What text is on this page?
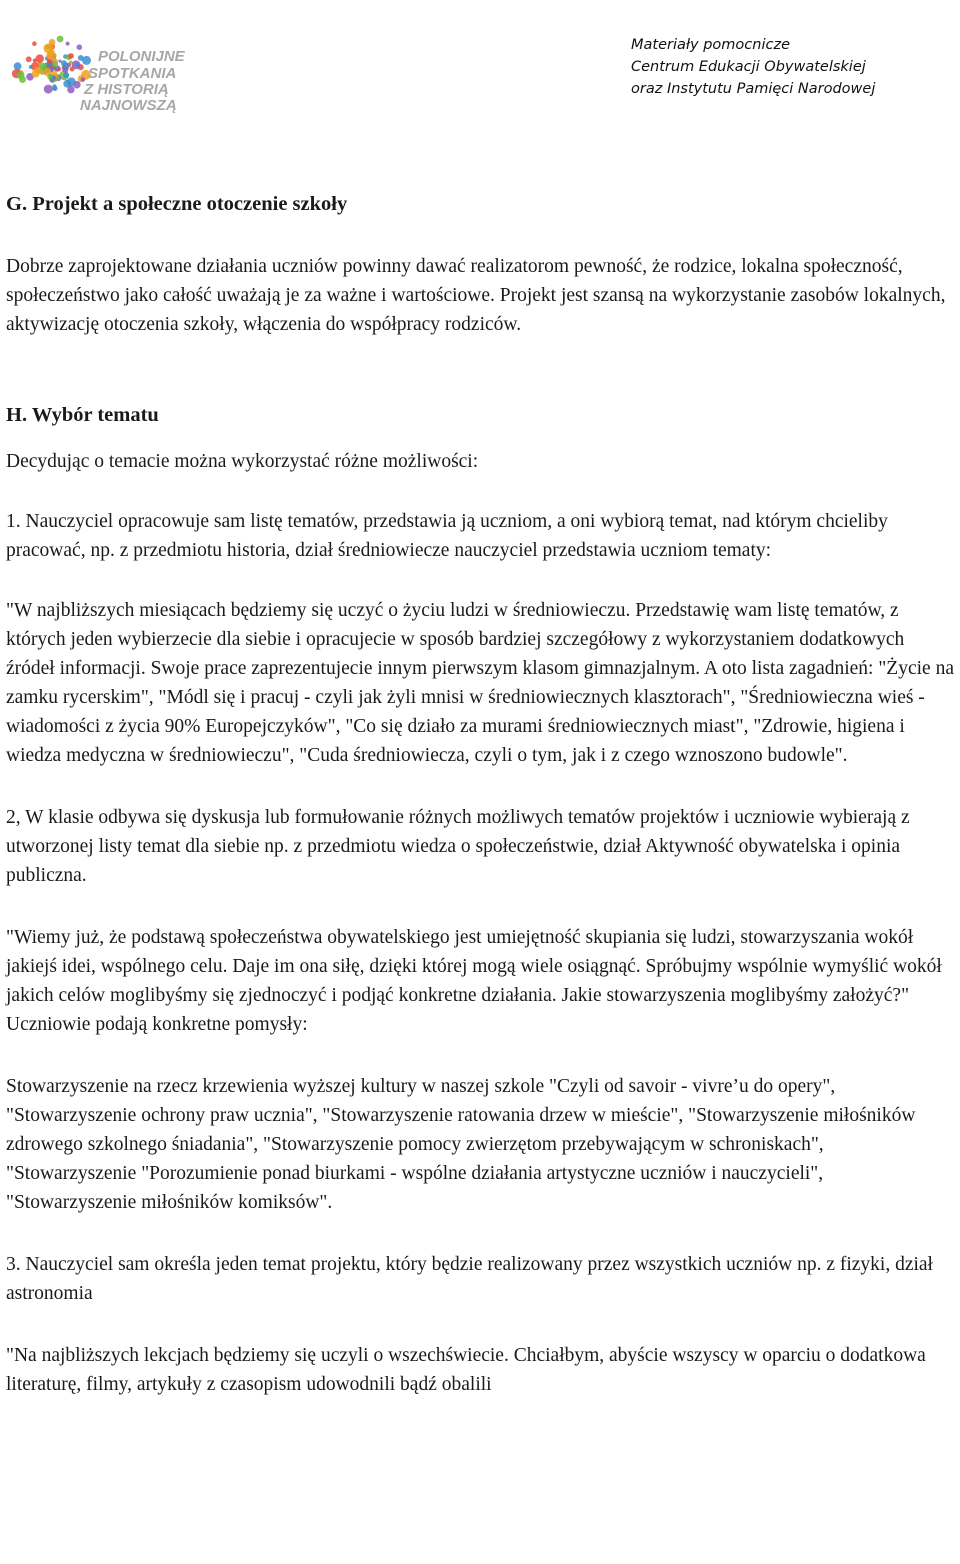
POLONIJNE
SPOTKANIA
Z HISTORIĄ
NAJNOWSZĄ
Materiały pomocnicze
Centrum Edukacji Obywatelskiej
oraz Instytutu Pamięci Narodowej
G. Projekt a społeczne otoczenie szkoły

Dobrze zaprojektowane działania uczniów powinny dawać realizatorom pewność, że rodzice, lokalna społeczność, społeczeństwo jako całość uważają je za ważne i wartościowe. Projekt jest szansą na wykorzystanie zasobów lokalnych, aktywizację otoczenia szkoły, włączenia do współpracy rodziców.

H. Wybór tematu

Decydując o temacie można wykorzystać różne możliwości:

1. Nauczyciel opracowuje sam listę tematów, przedstawia ją uczniom, a oni wybiorą temat, nad którym chcieliby pracować, np. z przedmiotu historia, dział średniowiecze nauczyciel przedstawia uczniom tematy:

"W najbliższych miesiącach będziemy się uczyć o życiu ludzi w średniowieczu. Przedstawię wam listę tematów, z których jeden wybierzecie dla siebie i opracujecie w sposób bardziej szczegółowy z wykorzystaniem dodatkowych źródeł informacji. Swoje prace zaprezentujecie innym pierwszym klasom gimnazjalnym. A oto lista zagadnień: "Życie na zamku rycerskim", "Módl się i pracuj - czyli jak żyli mnisi w średniowiecznych klasztorach", "Średniowieczna wieś - wiadomości z życia 90% Europejczyków", "Co się działo za murami średniowiecznych miast", "Zdrowie, higiena i wiedza medyczna w średniowieczu", "Cuda średniowiecza, czyli o tym, jak i z czego wznoszono budowle".

2, W klasie odbywa się dyskusja lub formułowanie różnych możliwych tematów projektów i uczniowie wybierają z utworzonej listy temat dla siebie np. z przedmiotu wiedza o społeczeństwie, dział Aktywność obywatelska i opinia publiczna.

"Wiemy już, że podstawą społeczeństwa obywatelskiego jest umiejętność skupiania się ludzi, stowarzyszania wokół jakiejś idei, wspólnego celu. Daje im ona siłę, dzięki której mogą wiele osiągnąć. Spróbujmy wspólnie wymyślić wokół jakich celów moglibyśmy się zjednoczyć i podjąć konkretne działania. Jakie stowarzyszenia moglibyśmy założyć?" Uczniowie podają konkretne pomysły:

Stowarzyszenie na rzecz krzewienia wyższej kultury w naszej szkole "Czyli od savoir - vivre’u do opery", "Stowarzyszenie ochrony praw ucznia", "Stowarzyszenie ratowania drzew w mieście", "Stowarzyszenie miłośników zdrowego szkolnego śniadania", "Stowarzyszenie pomocy zwierzętom przebywającym w schroniskach", "Stowarzyszenie "Porozumienie ponad biurkami - wspólne działania artystyczne uczniów i nauczycieli", "Stowarzyszenie miłośników komiksów".

3. Nauczyciel sam określa jeden temat projektu, który będzie realizowany przez wszystkich uczniów np. z fizyki, dział astronomia

"Na najbliższych lekcjach będziemy się uczyli o wszechświecie. Chciałbym, abyście wszyscy w oparciu o dodatkowa literaturę, filmy, artykuły z czasopism udowodnili bądź obalili
